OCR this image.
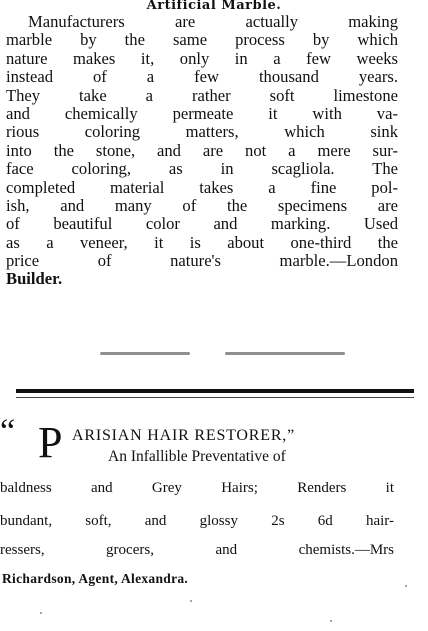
Artificial Marble.
Manufacturers are actually making
marble by the same process by which
nature makes it, only in a few weeks
instead of a few thousand years.
They take a rather soft limestone
and chemically permeate it with va-
rious coloring matters, which sink
into the stone, and are not a mere sur-
face coloring, as in scagliola. The
completed material takes a fine pol-
ish, and many of the specimens are
of beautiful color and marking. Used
as a veneer, it is about one-third the
price of nature's marble.—London
Builder.
“ P ARISIAN HAIR RESTORER,”
An Infallible Preventative of
baldness and Grey Hairs; Renders it
bundant, soft, and glossy 2s 6d hair-
ressers, grocers, and chemists.—Mrs
Richardson, Agent, Alexandra.
